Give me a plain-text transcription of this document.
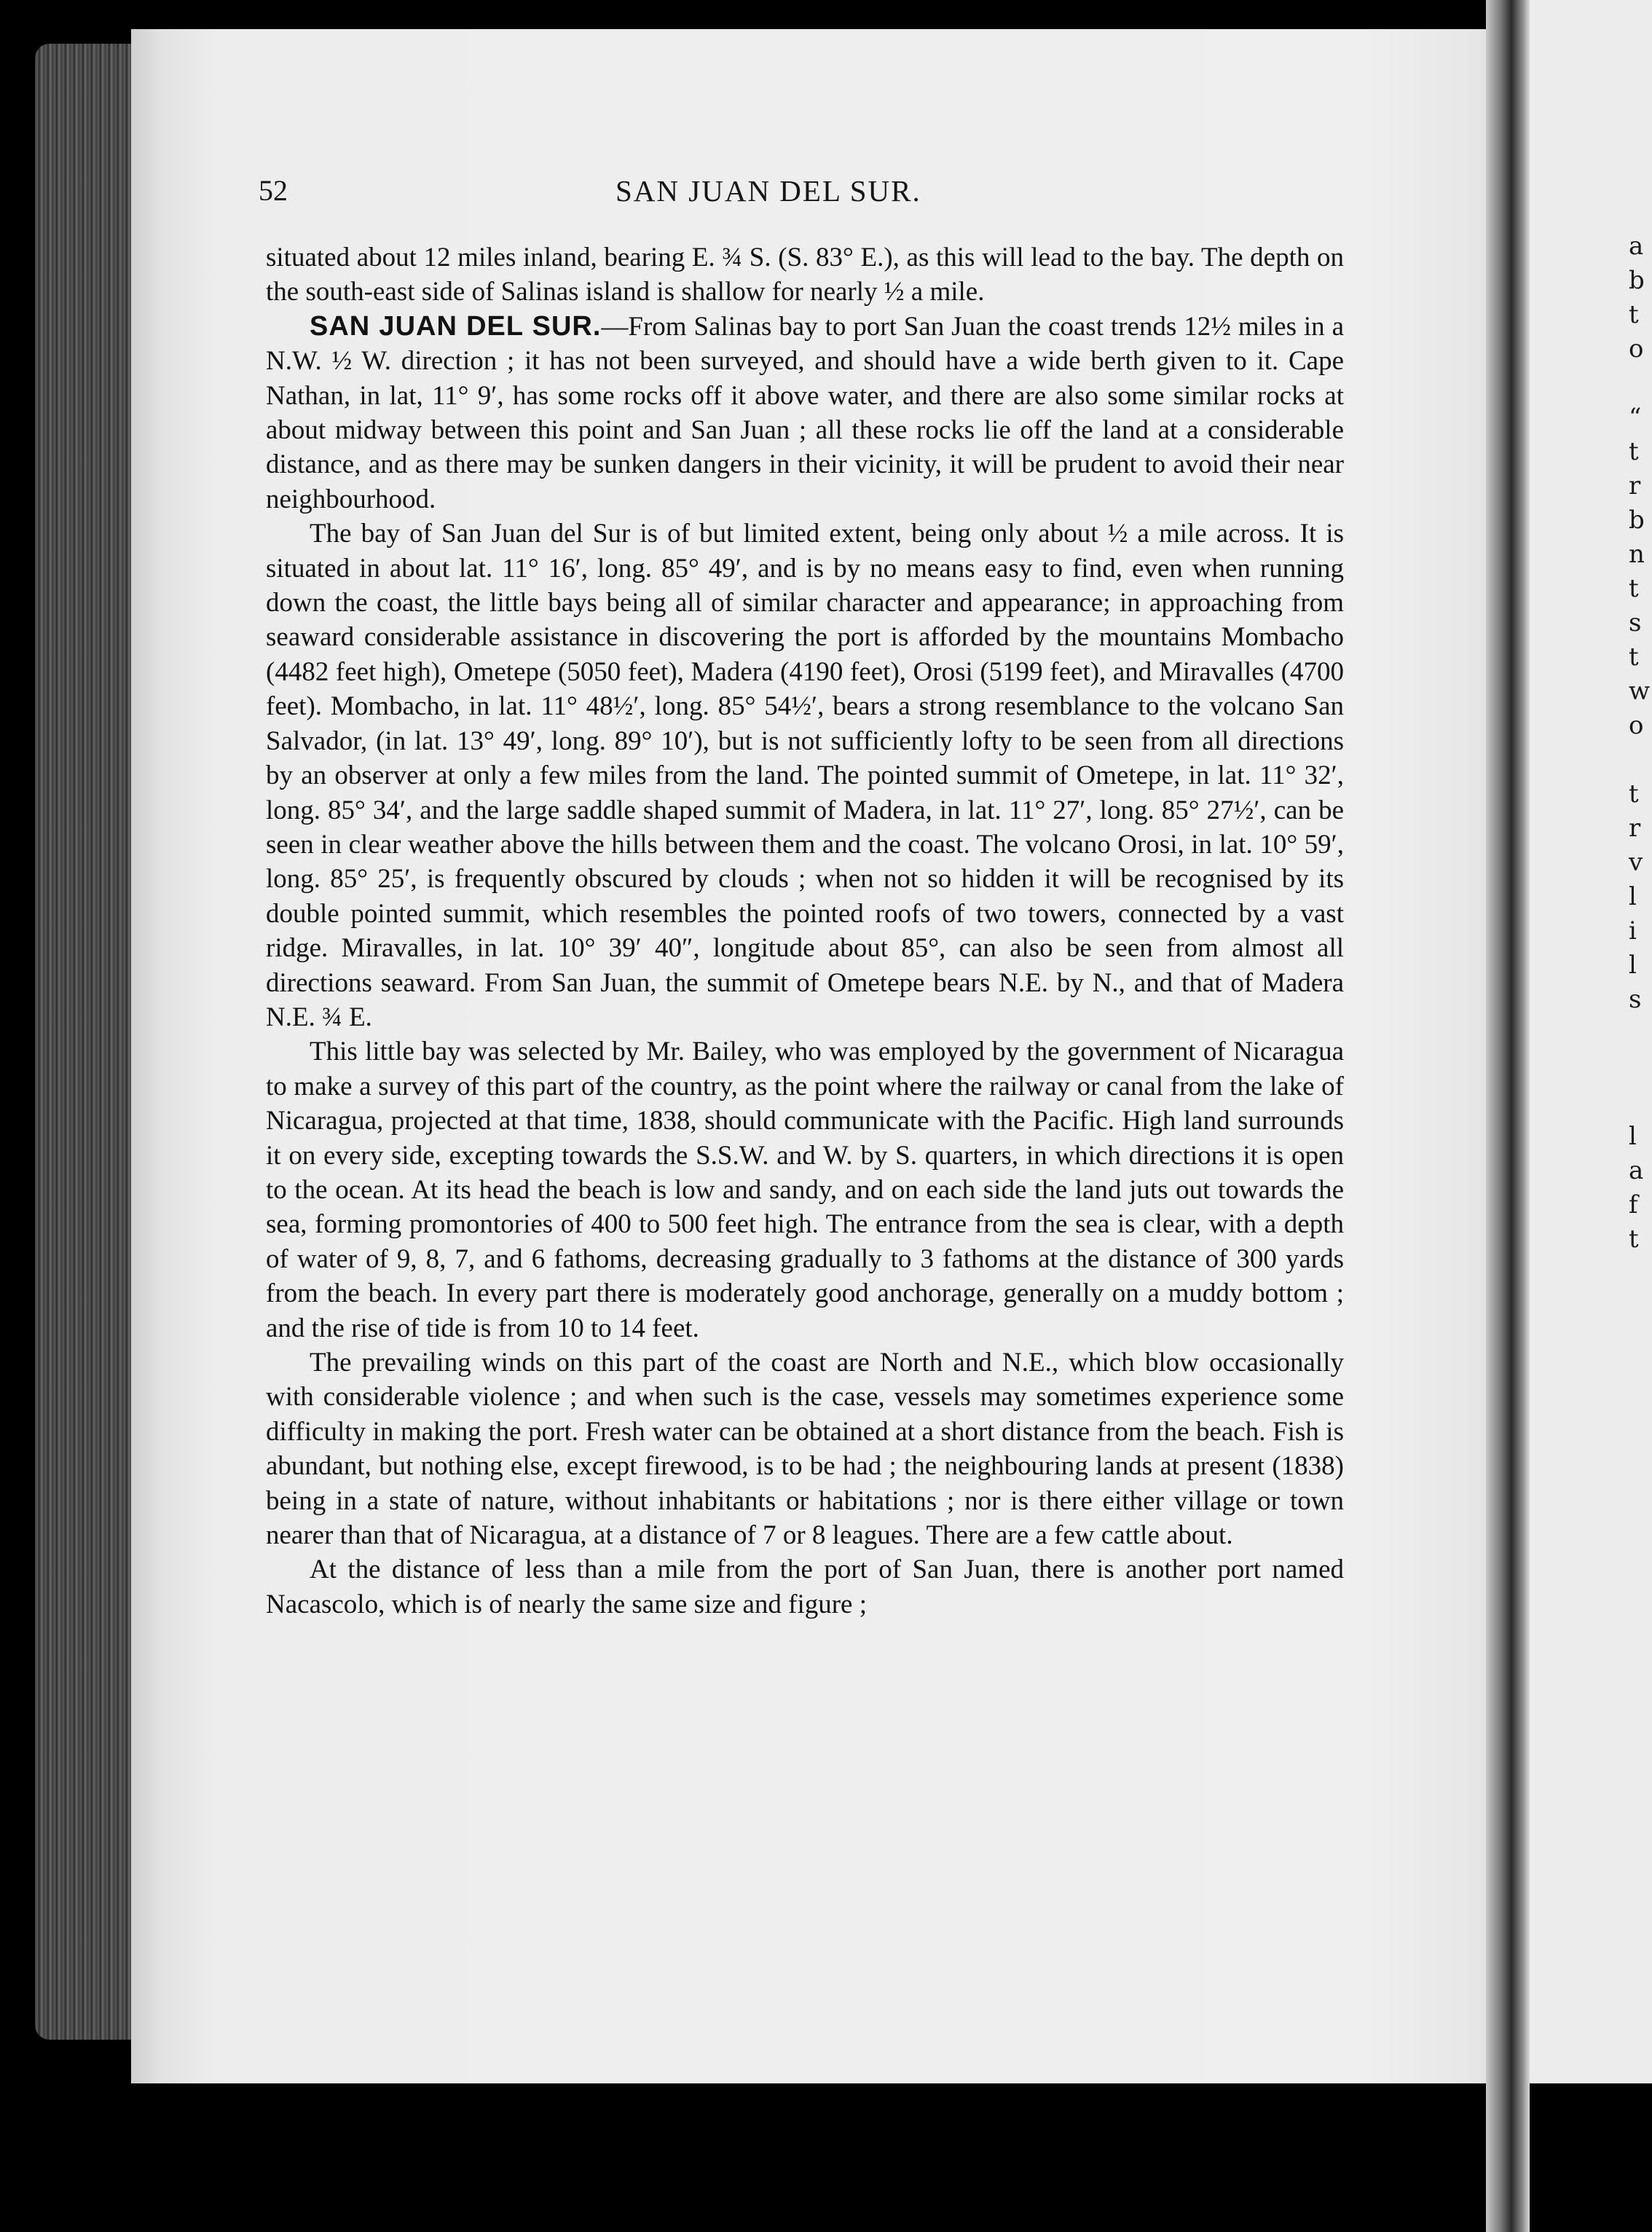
a
b
t
o

“
t
r
b
n
t
s
t
w
o

t
r
v
l
i
l
s

l
a
f
t
52	SAN JUAN DEL SUR.

situated about 12 miles inland, bearing E. ¾ S. (S. 83° E.), as this will lead to the bay. The depth on the south-east side of Salinas island is shallow for nearly ½ a mile.

SAN JUAN DEL SUR.—From Salinas bay to port San Juan the coast trends 12½ miles in a N.W. ½ W. direction ; it has not been surveyed, and should have a wide berth given to it. Cape Nathan, in lat, 11° 9′, has some rocks off it above water, and there are also some similar rocks at about midway between this point and San Juan ; all these rocks lie off the land at a considerable distance, and as there may be sunken dangers in their vicinity, it will be prudent to avoid their near neighbourhood.

The bay of San Juan del Sur is of but limited extent, being only about ½ a mile across. It is situated in about lat. 11° 16′, long. 85° 49′, and is by no means easy to find, even when running down the coast, the little bays being all of similar character and appearance; in approaching from seaward considerable assistance in discovering the port is afforded by the mountains Mombacho (4482 feet high), Ometepe (5050 feet), Madera (4190 feet), Orosi (5199 feet), and Miravalles (4700 feet). Mombacho, in lat. 11° 48½′, long. 85° 54½′, bears a strong resemblance to the volcano San Salvador, (in lat. 13° 49′, long. 89° 10′), but is not sufficiently lofty to be seen from all directions by an observer at only a few miles from the land. The pointed summit of Ometepe, in lat. 11° 32′, long. 85° 34′, and the large saddle shaped summit of Madera, in lat. 11° 27′, long. 85° 27½′, can be seen in clear weather above the hills between them and the coast. The volcano Orosi, in lat. 10° 59′, long. 85° 25′, is frequently obscured by clouds ; when not so hidden it will be recognised by its double pointed summit, which resembles the pointed roofs of two towers, connected by a vast ridge. Miravalles, in lat. 10° 39′ 40″, longitude about 85°, can also be seen from almost all directions seaward. From San Juan, the summit of Ometepe bears N.E. by N., and that of Madera N.E. ¾ E.

This little bay was selected by Mr. Bailey, who was employed by the government of Nicaragua to make a survey of this part of the country, as the point where the railway or canal from the lake of Nicaragua, projected at that time, 1838, should communicate with the Pacific. High land surrounds it on every side, excepting towards the S.S.W. and W. by S. quarters, in which directions it is open to the ocean. At its head the beach is low and sandy, and on each side the land juts out towards the sea, forming promontories of 400 to 500 feet high. The entrance from the sea is clear, with a depth of water of 9, 8, 7, and 6 fathoms, decreasing gradually to 3 fathoms at the distance of 300 yards from the beach. In every part there is moderately good anchorage, generally on a muddy bottom ; and the rise of tide is from 10 to 14 feet.

The prevailing winds on this part of the coast are North and N.E., which blow occasionally with considerable violence ; and when such is the case, vessels may sometimes experience some difficulty in making the port. Fresh water can be obtained at a short distance from the beach. Fish is abundant, but nothing else, except firewood, is to be had ; the neighbouring lands at present (1838) being in a state of nature, without inhabitants or habitations ; nor is there either village or town nearer than that of Nicaragua, at a distance of 7 or 8 leagues. There are a few cattle about.

At the distance of less than a mile from the port of San Juan, there is another port named Nacascolo, which is of nearly the same size and figure ;
